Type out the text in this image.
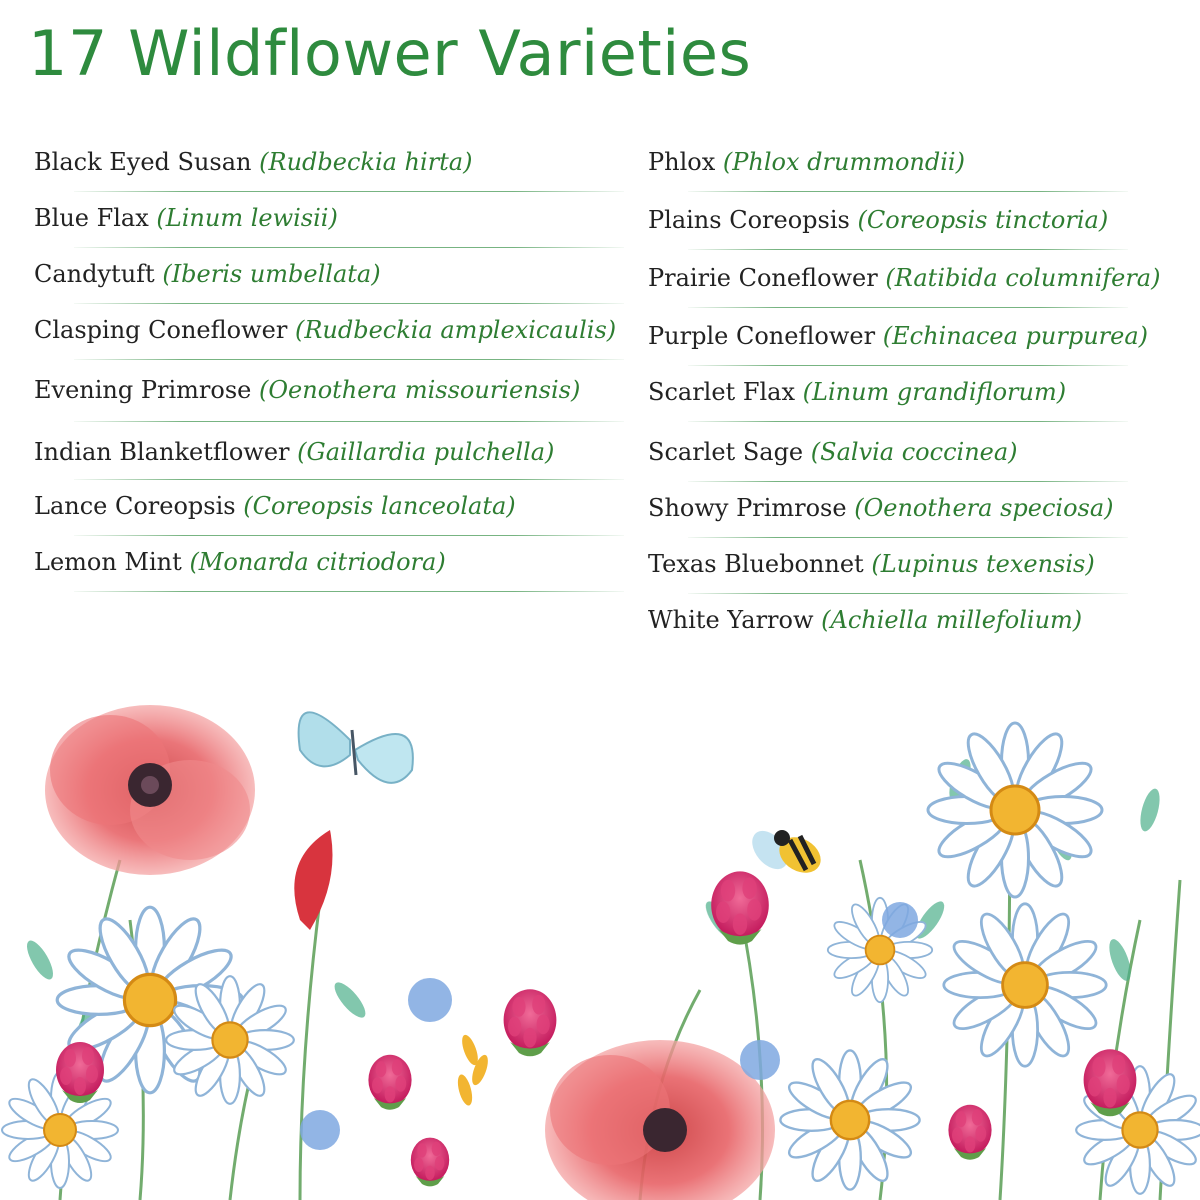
17 Wildflower Varieties
Black Eyed Susan (Rudbeckia hirta)
Blue Flax (Linum lewisii)
Candytuft (Iberis umbellata)
Clasping Coneflower (Rudbeckia amplexicaulis)
Evening Primrose (Oenothera missouriensis)
Indian Blanketflower (Gaillardia pulchella)
Lance Coreopsis (Coreopsis lanceolata)
Lemon Mint (Monarda citriodora)
Phlox (Phlox drummondii)
Plains Coreopsis (Coreopsis tinctoria)
Prairie Coneflower (Ratibida columnifera)
Purple Coneflower (Echinacea purpurea)
Scarlet Flax (Linum grandiflorum)
Scarlet Sage (Salvia coccinea)
Showy Primrose (Oenothera speciosa)
Texas Bluebonnet (Lupinus texensis)
White Yarrow (Achiella millefolium)
